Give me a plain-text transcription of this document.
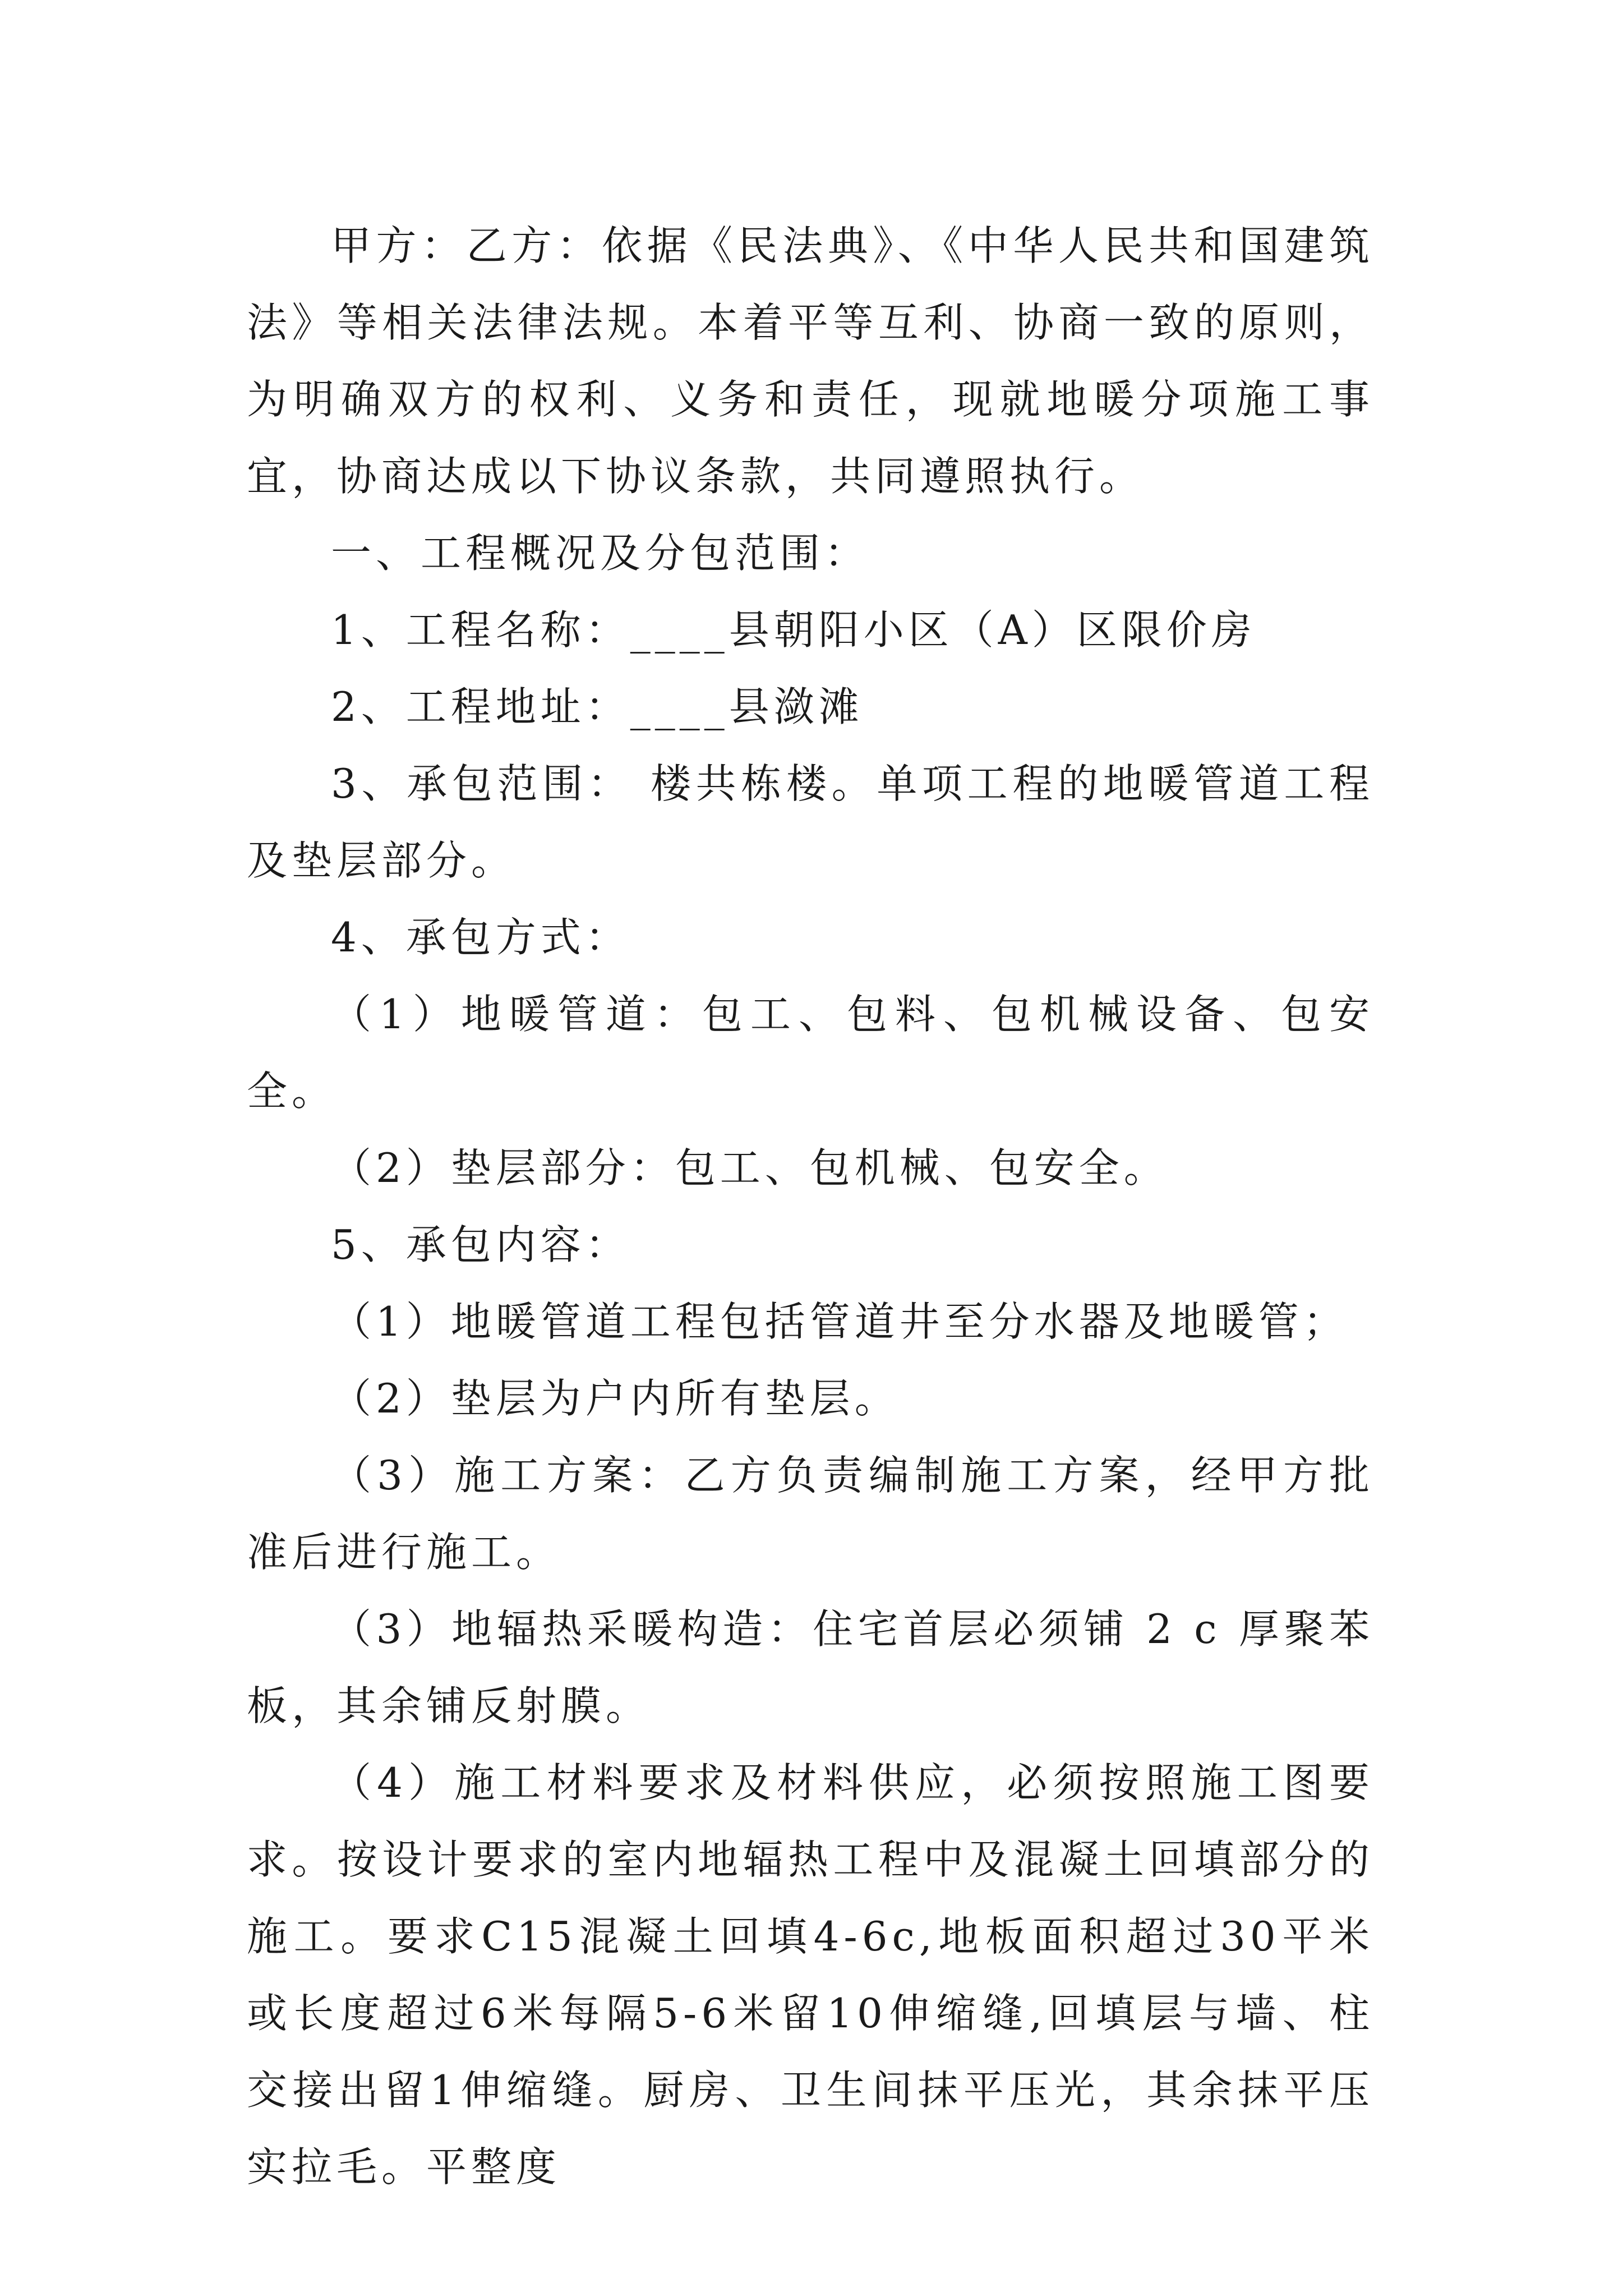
甲方：乙方：依据《民法典》、《中华人民共和国建筑法》等相关法律法规。本着平等互利、协商一致的原则，为明确双方的权利、义务和责任，现就地暖分项施工事宜，协商达成以下协议条款，共同遵照执行。

一、工程概况及分包范围：

1、工程名称：____县朝阳小区（A）区限价房

2、工程地址：____县潋滩

3、承包范围： 楼共栋楼。单项工程的地暖管道工程及垫层部分。

4、承包方式：

（1）地暖管道：包工、包料、包机械设备、包安全。

（2）垫层部分：包工、包机械、包安全。

5、承包内容：

（1）地暖管道工程包括管道井至分水器及地暖管；

（2）垫层为户内所有垫层。

（3）施工方案：乙方负责编制施工方案，经甲方批准后进行施工。

（3）地辐热采暖构造：住宅首层必须铺 2 c 厚聚苯板，其余铺反射膜。

（4）施工材料要求及材料供应，必须按照施工图要求。按设计要求的室内地辐热工程中及混凝土回填部分的施工。要求C15混凝土回填4-6c,地板面积超过30平米或长度超过6米每隔5-6米留10伸缩缝,回填层与墙、柱交接出留1伸缩缝。厨房、卫生间抹平压光，其余抹平压实拉毛。平整度
